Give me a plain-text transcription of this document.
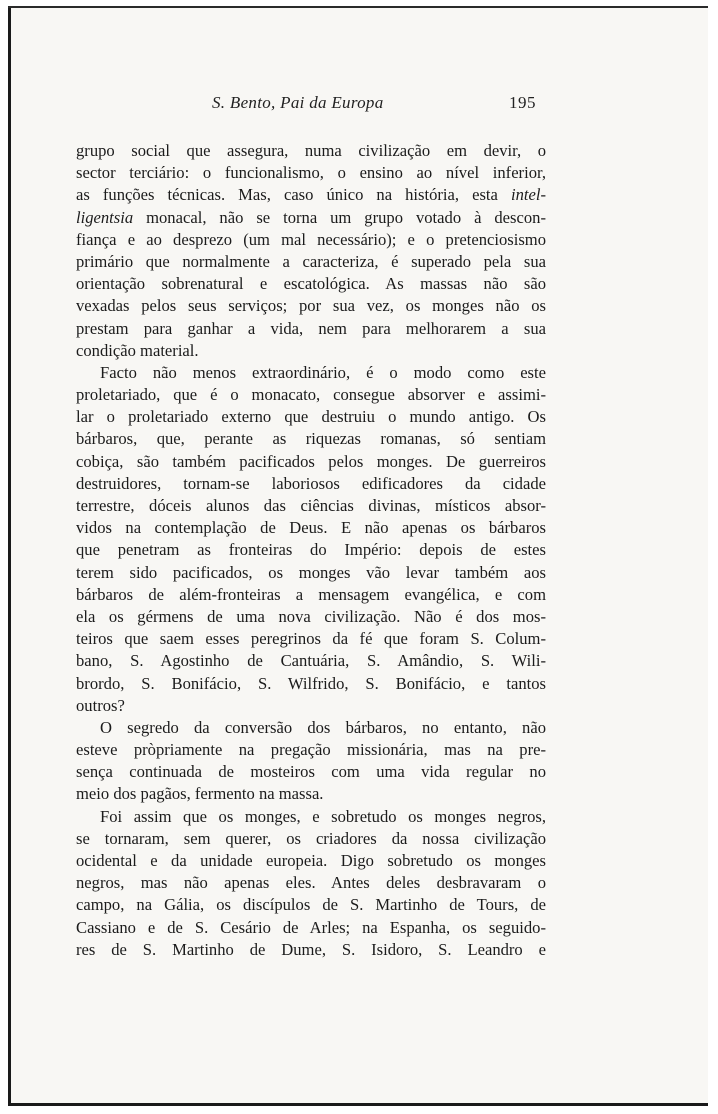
S. Bento, Pai da Europa	195
grupo social que assegura, numa civilização em devir, o
sector terciário: o funcionalismo, o ensino ao nível inferior,
as funções técnicas. Mas, caso único na história, esta intel-
ligentsia monacal, não se torna um grupo votado à descon-
fiança e ao desprezo (um mal necessário); e o pretenciosismo
primário que normalmente a caracteriza, é superado pela sua
orientação sobrenatural e escatológica. As massas não são
vexadas pelos seus serviços; por sua vez, os monges não os
prestam para ganhar a vida, nem para melhorarem a sua
condição material.
Facto não menos extraordinário, é o modo como este
proletariado, que é o monacato, consegue absorver e assimi-
lar o proletariado externo que destruiu o mundo antigo. Os
bárbaros, que, perante as riquezas romanas, só sentiam
cobiça, são também pacificados pelos monges. De guerreiros
destruidores, tornam-se laboriosos edificadores da cidade
terrestre, dóceis alunos das ciências divinas, místicos absor-
vidos na contemplação de Deus. E não apenas os bárbaros
que penetram as fronteiras do Império: depois de estes
terem sido pacificados, os monges vão levar também aos
bárbaros de além-fronteiras a mensagem evangélica, e com
ela os gérmens de uma nova civilização. Não é dos mos-
teiros que saem esses peregrinos da fé que foram S. Colum-
bano, S. Agostinho de Cantuária, S. Amândio, S. Wili-
brordo, S. Bonifácio, S. Wilfrido, S. Bonifácio, e tantos
outros?
O segredo da conversão dos bárbaros, no entanto, não
esteve pròpriamente na pregação missionária, mas na pre-
sença continuada de mosteiros com uma vida regular no
meio dos pagãos, fermento na massa.
Foi assim que os monges, e sobretudo os monges negros,
se tornaram, sem querer, os criadores da nossa civilização
ocidental e da unidade europeia. Digo sobretudo os monges
negros, mas não apenas eles. Antes deles desbravaram o
campo, na Gália, os discípulos de S. Martinho de Tours, de
Cassiano e de S. Cesário de Arles; na Espanha, os seguido-
res de S. Martinho de Dume, S. Isidoro, S. Leandro e
